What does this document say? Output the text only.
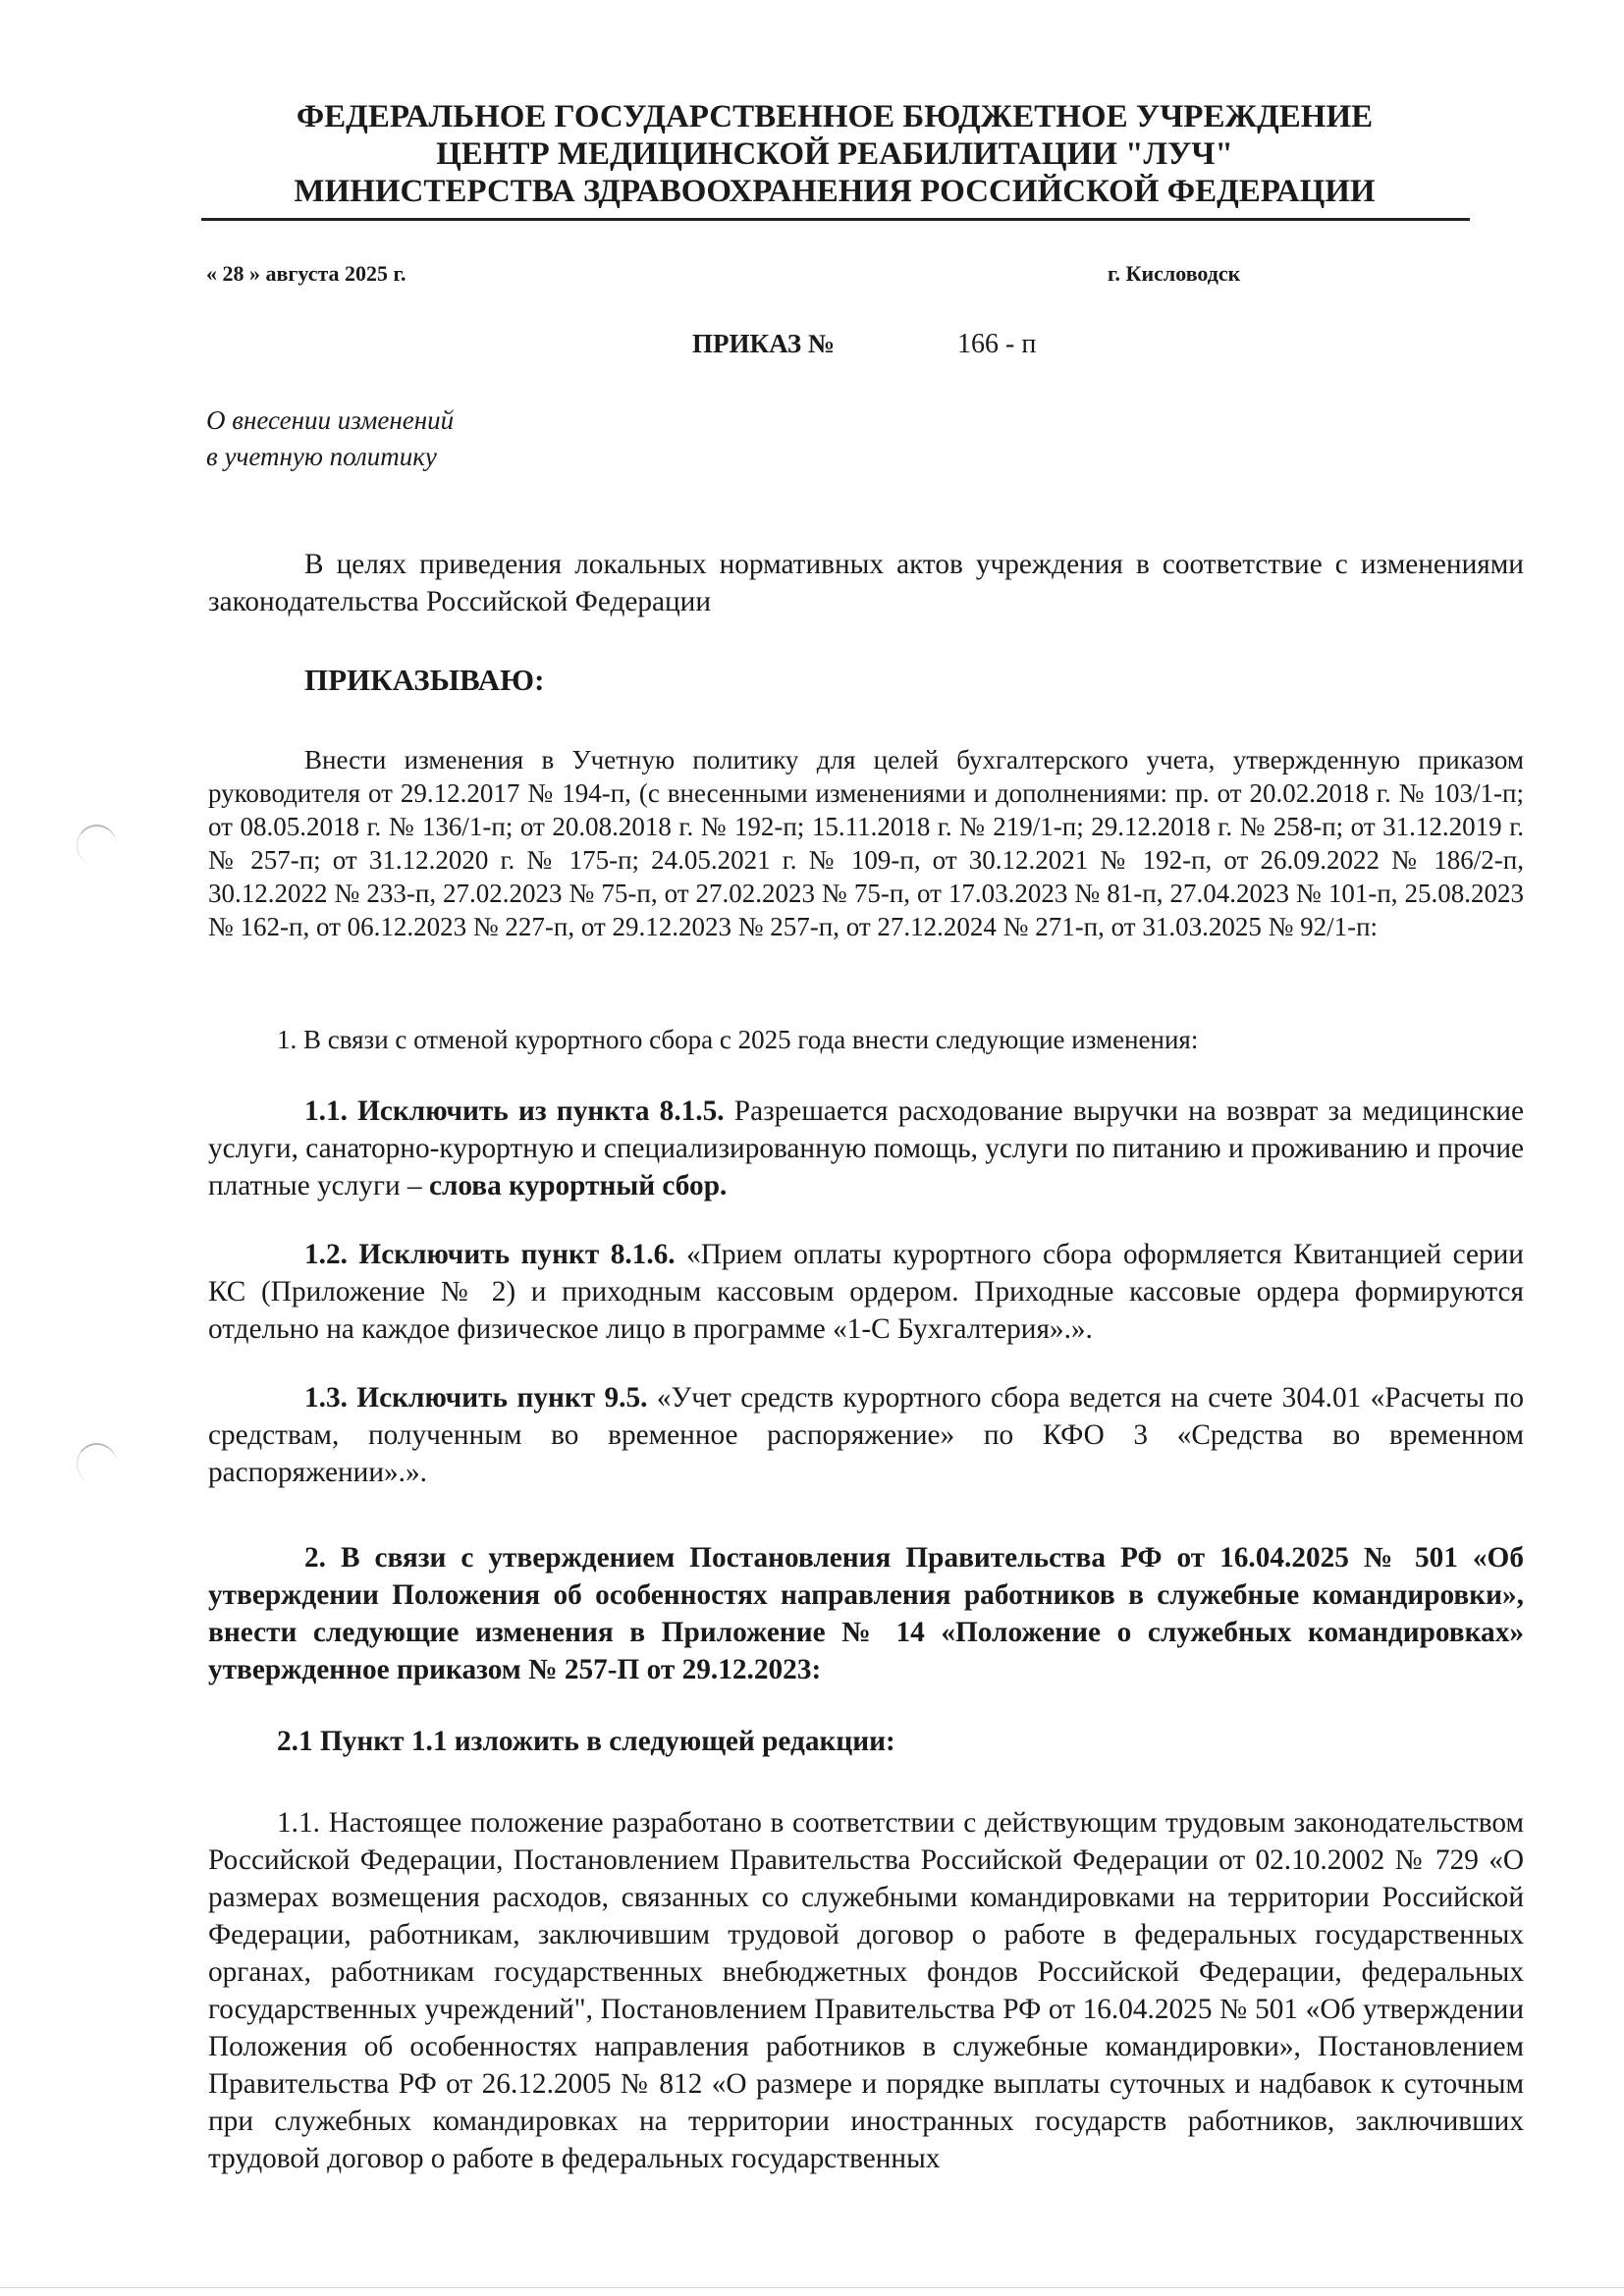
ФЕДЕРАЛЬНОЕ ГОСУДАРСТВЕННОЕ БЮДЖЕТНОЕ УЧРЕЖДЕНИЕ
ЦЕНТР МЕДИЦИНСКОЙ РЕАБИЛИТАЦИИ "ЛУЧ"
МИНИСТЕРСТВА ЗДРАВООХРАНЕНИЯ РОССИЙСКОЙ ФЕДЕРАЦИИ
« 28 » августа 2025 г.	г. Кисловодск
ПРИКАЗ №	166 - п
О внесении изменений
в учетную политику
В целях приведения локальных нормативных актов учреждения в соответствие с изменениями законодательства Российской Федерации
ПРИКАЗЫВАЮ:
Внести изменения в Учетную политику для целей бухгалтерского учета, утвержденную приказом руководителя от 29.12.2017 № 194-п, (с внесенными изменениями и дополнениями: пр. от 20.02.2018 г. № 103/1-п; от 08.05.2018 г. № 136/1-п; от 20.08.2018 г. № 192-п; 15.11.2018 г. № 219/1-п; 29.12.2018 г. № 258-п; от 31.12.2019 г. № 257-п; от 31.12.2020 г. № 175-п; 24.05.2021 г. № 109-п, от 30.12.2021 № 192-п, от 26.09.2022 № 186/2-п, 30.12.2022 № 233-п, 27.02.2023 № 75-п, от 27.02.2023 № 75-п, от 17.03.2023 № 81-п, 27.04.2023 № 101-п, 25.08.2023 № 162-п, от 06.12.2023 № 227-п, от 29.12.2023 № 257-п, от 27.12.2024 № 271-п, от 31.03.2025 № 92/1-п:
1. В связи с отменой курортного сбора с 2025 года внести следующие изменения:
1.1. Исключить из пункта 8.1.5. Разрешается расходование выручки на возврат за медицинские услуги, санаторно-курортную и специализированную помощь, услуги по питанию и проживанию и прочие платные услуги – слова курортный сбор.
1.2. Исключить пункт 8.1.6. «Прием оплаты курортного сбора оформляется Квитанцией серии КС (Приложение № 2) и приходным кассовым ордером. Приходные кассовые ордера формируются отдельно на каждое физическое лицо в программе «1-С Бухгалтерия».».
1.3. Исключить пункт 9.5. «Учет средств курортного сбора ведется на счете 304.01 «Расчеты по средствам, полученным во временное распоряжение» по КФО 3 «Средства во временном распоряжении».».
2. В связи с утверждением Постановления Правительства РФ от 16.04.2025 № 501 «Об утверждении Положения об особенностях направления работников в служебные командировки», внести следующие изменения в Приложение № 14 «Положение о служебных командировках» утвержденное приказом № 257-П от 29.12.2023:
2.1 Пункт 1.1 изложить в следующей редакции:
1.1. Настоящее положение разработано в соответствии с действующим трудовым законодательством Российской Федерации, Постановлением Правительства Российской Федерации от 02.10.2002 № 729 «О размерах возмещения расходов, связанных со служебными командировками на территории Российской Федерации, работникам, заключившим трудовой договор о работе в федеральных государственных органах, работникам государственных внебюджетных фондов Российской Федерации, федеральных государственных учреждений", Постановлением Правительства РФ от 16.04.2025 № 501 «Об утверждении Положения об особенностях направления работников в служебные командировки», Постановлением Правительства РФ от 26.12.2005 № 812 «О размере и порядке выплаты суточных и надбавок к суточным при служебных командировках на территории иностранных государств работников, заключивших трудовой договор о работе в федеральных государственных
